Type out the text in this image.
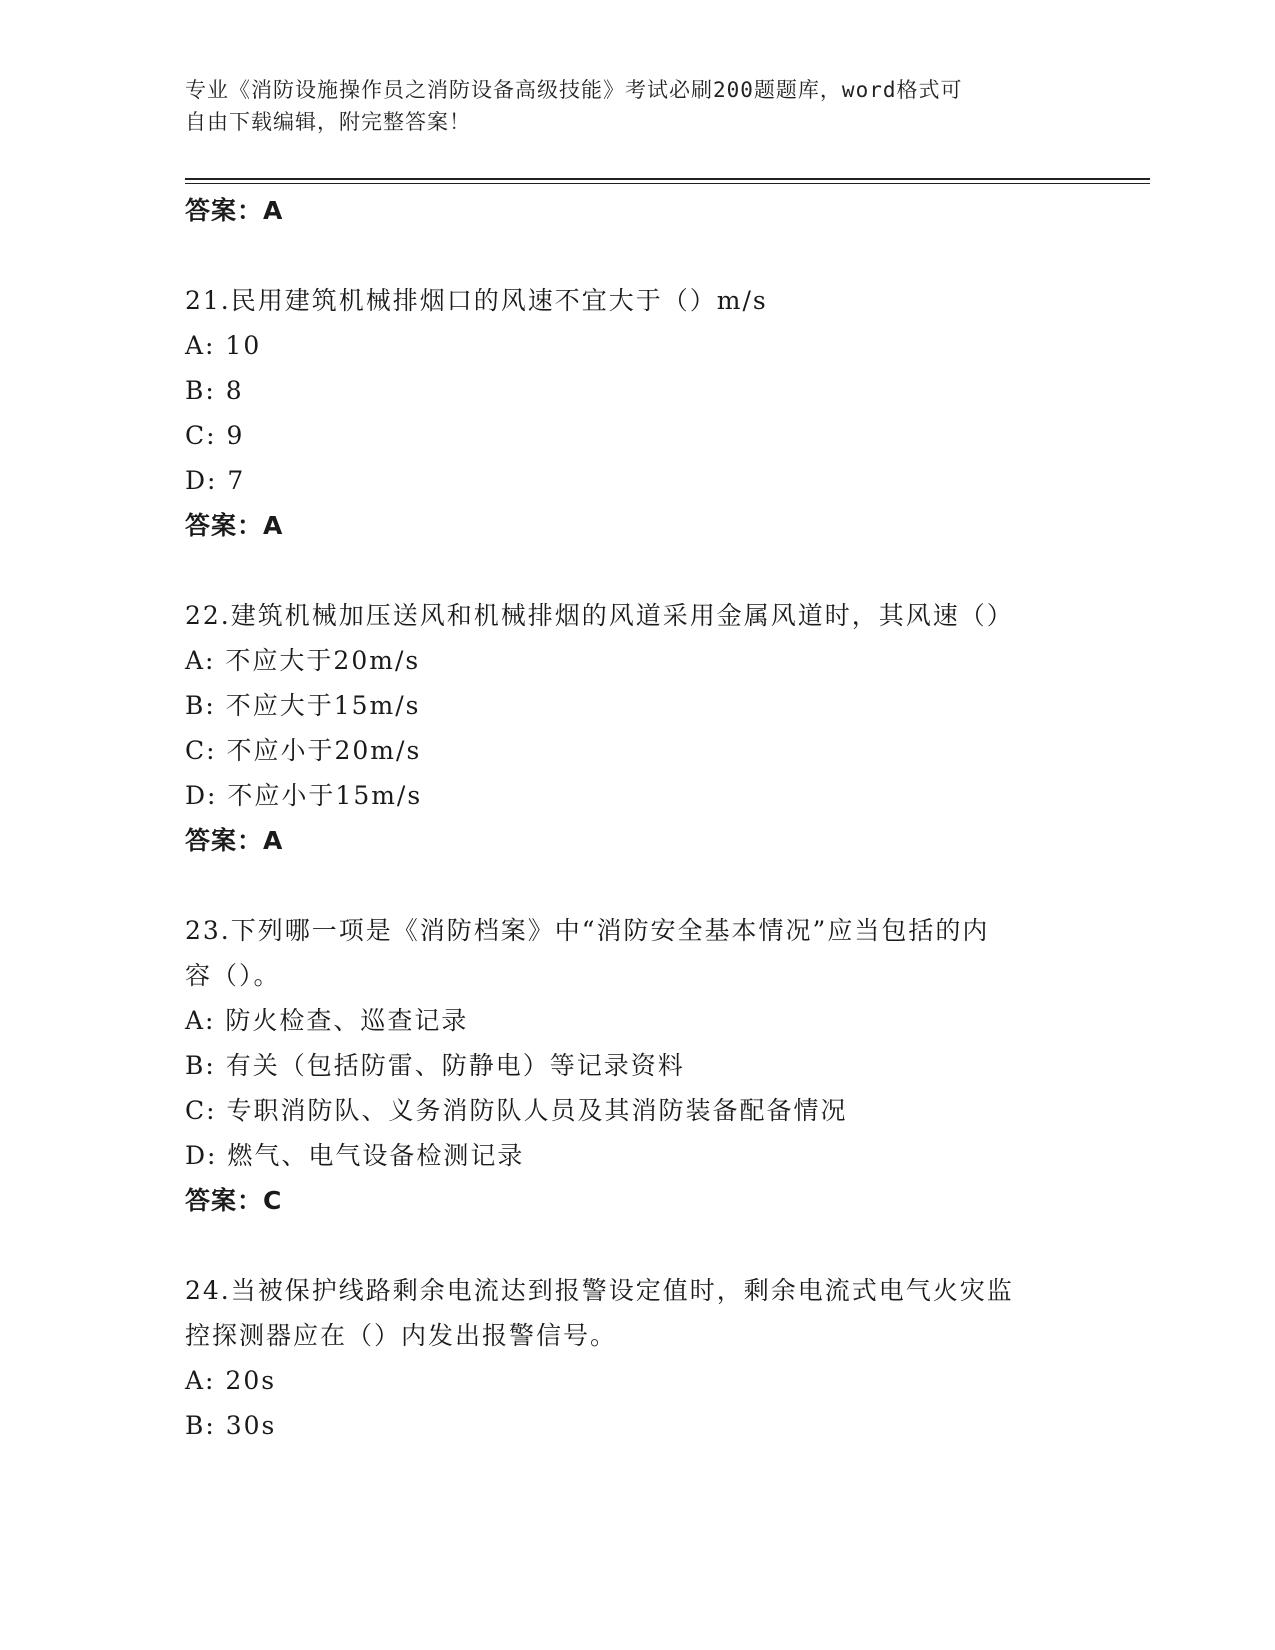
专业《消防设施操作员之消防设备高级技能》考试必刷200题题库，word格式可
自由下载编辑，附完整答案！
答案：A
21.民用建筑机械排烟口的风速不宜大于（）m/s
A: 10
B: 8
C: 9
D: 7
答案：A
22.建筑机械加压送风和机械排烟的风道采用金属风道时，其风速（）
A: 不应大于20m/s
B: 不应大于15m/s
C: 不应小于20m/s
D: 不应小于15m/s
答案：A
23.下列哪一项是《消防档案》中“消防安全基本情况”应当包括的内
容（）。
A: 防火检查、巡查记录
B: 有关（包括防雷、防静电）等记录资料
C: 专职消防队、义务消防队人员及其消防装备配备情况
D: 燃气、电气设备检测记录
答案：C
24.当被保护线路剩余电流达到报警设定值时，剩余电流式电气火灾监
控探测器应在（）内发出报警信号。
A: 20s
B: 30s
